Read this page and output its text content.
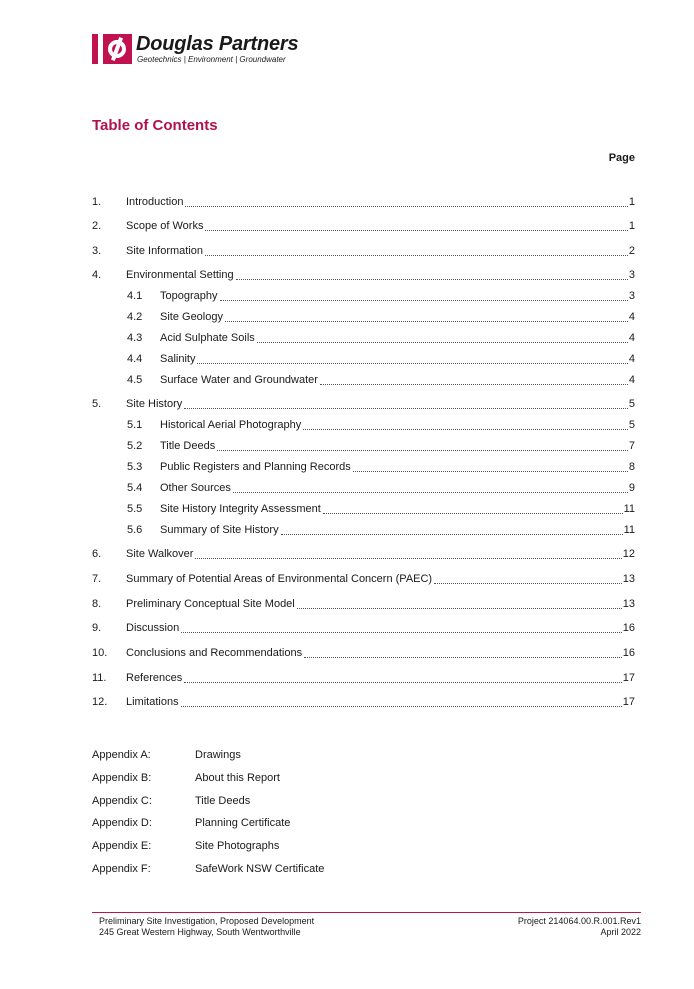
Douglas Partners
Geotechnics | Environment | Groundwater
Table of Contents
Page
1. Introduction	1
2. Scope of Works	1
3. Site Information	2
4. Environmental Setting	3
4.1 Topography	3
4.2 Site Geology	4
4.3 Acid Sulphate Soils	4
4.4 Salinity	4
4.5 Surface Water and Groundwater	4
5. Site History	5
5.1 Historical Aerial Photography	5
5.2 Title Deeds	7
5.3 Public Registers and Planning Records	8
5.4 Other Sources	9
5.5 Site History Integrity Assessment	11
5.6 Summary of Site History	11
6. Site Walkover	12
7. Summary of Potential Areas of Environmental Concern (PAEC)	13
8. Preliminary Conceptual Site Model	13
9. Discussion	16
10. Conclusions and Recommendations	16
11. References	17
12. Limitations	17
Appendix A:	Drawings
Appendix B:	About this Report
Appendix C:	Title Deeds
Appendix D:	Planning Certificate
Appendix E:	Site Photographs
Appendix F:	SafeWork NSW Certificate
Preliminary Site Investigation, Proposed Development
245 Great Western Highway, South Wentworthville
Project 214064.00.R.001.Rev1
April 2022
